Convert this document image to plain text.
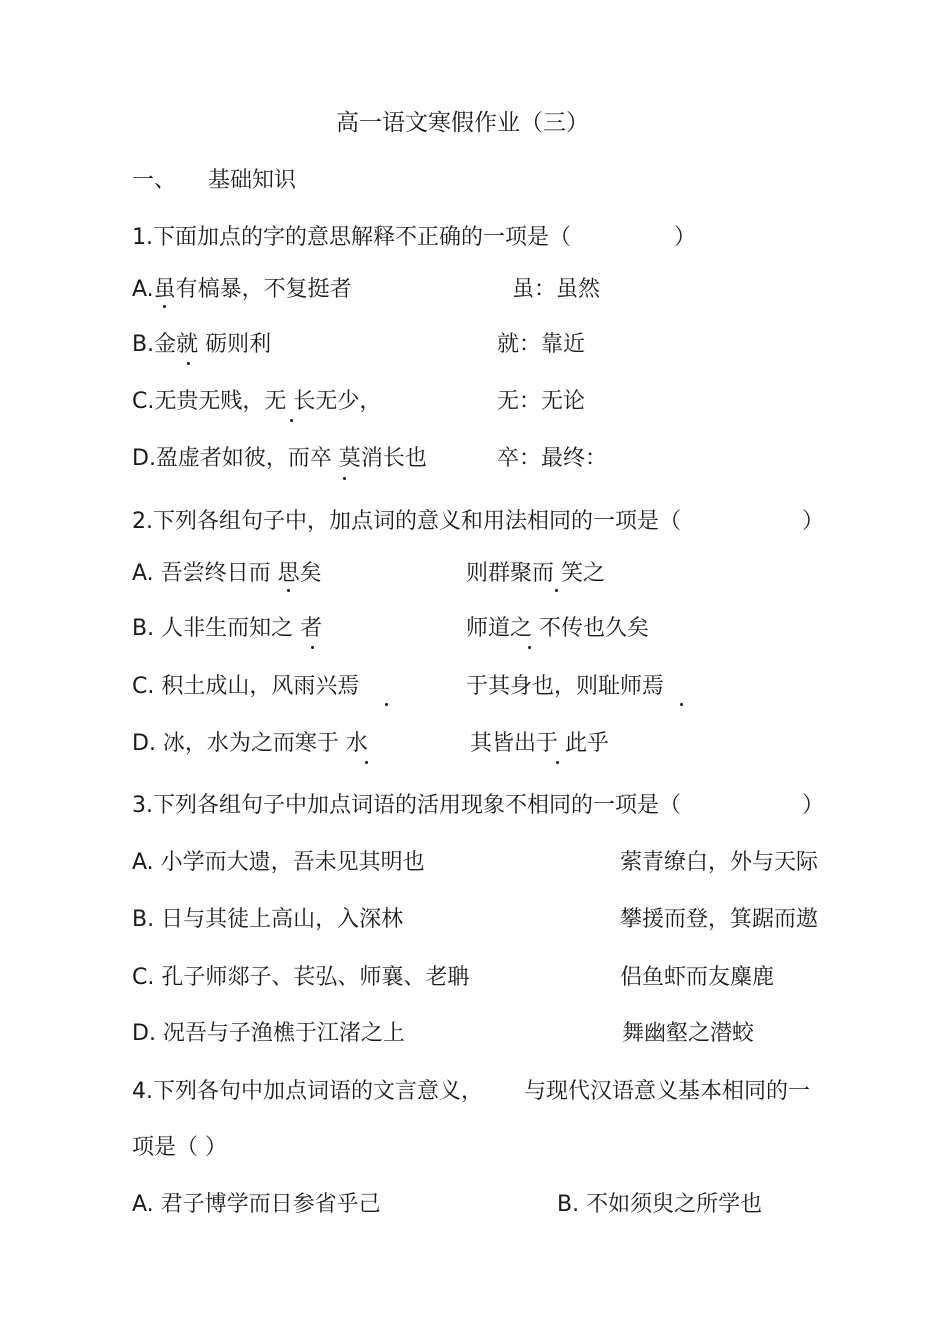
高一语文寒假作业（三）
一、 基础知识
1.下面加点的字的意思解释不正确的一项是（	）
A.虽有槁暴，不复挺者	虽：虽然
B.金就 砺则利	就：靠近
C.无贵无贱，无 长无少，	无：无论
D.盈虚者如彼，而卒 莫消长也	卒：最终：
2.下列各组句子中，加点词的意义和用法相同的一项是（	）
A. 吾尝终日而 思矣	则群聚而 笑之
B. 人非生而知之 者	师道之 不传也久矣
C. 积土成山，风雨兴焉	于其身也，则耻师焉
D. 冰，水为之而寒于 水	其皆出于 此乎
3.下列各组句子中加点词语的活用现象不相同的一项是（	）
A. 小学而大遗，吾未见其明也	萦青缭白，外与天际
B. 日与其徒上高山，入深林	攀援而登，箕踞而遨
C. 孔子师郯子、苌弘、师襄、老聃	侣鱼虾而友麋鹿
D. 况吾与子渔樵于江渚之上	舞幽壑之潜蛟
4.下列各句中加点词语的文言意义， 与现代汉语意义基本相同的一
项是（ ）
A. 君子博学而日参省乎己	B. 不如须臾之所学也
